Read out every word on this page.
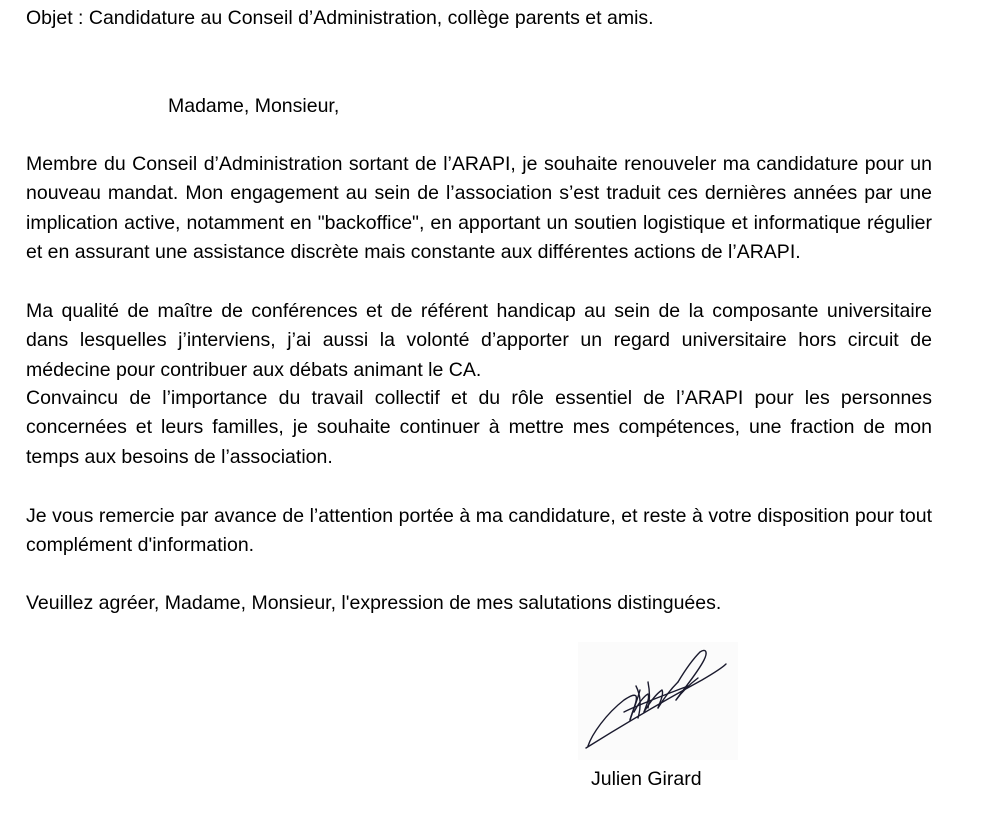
Objet : Candidature au Conseil d’Administration, collège parents et amis.
Madame, Monsieur,
Membre du Conseil d’Administration sortant de l’ARAPI, je souhaite renouveler ma candidature pour un nouveau mandat. Mon engagement au sein de l’association s’est traduit ces dernières années par une implication active, notamment en "backoffice", en apportant un soutien logistique et informatique régulier et en assurant une assistance discrète mais constante aux différentes actions de l’ARAPI.
Ma qualité de maître de conférences et de référent handicap au sein de la composante universitaire dans lesquelles j’interviens, j’ai aussi la volonté d’apporter un regard universitaire hors circuit de médecine pour contribuer aux débats animant le CA.
Convaincu de l’importance du travail collectif et du rôle essentiel de l’ARAPI pour les personnes concernées et leurs familles, je souhaite continuer à mettre mes compétences, une fraction de mon temps aux besoins de l’association.
Je vous remercie par avance de l’attention portée à ma candidature, et reste à votre disposition pour tout complément d'information.
Veuillez agréer, Madame, Monsieur, l'expression de mes salutations distinguées.
Julien Girard
